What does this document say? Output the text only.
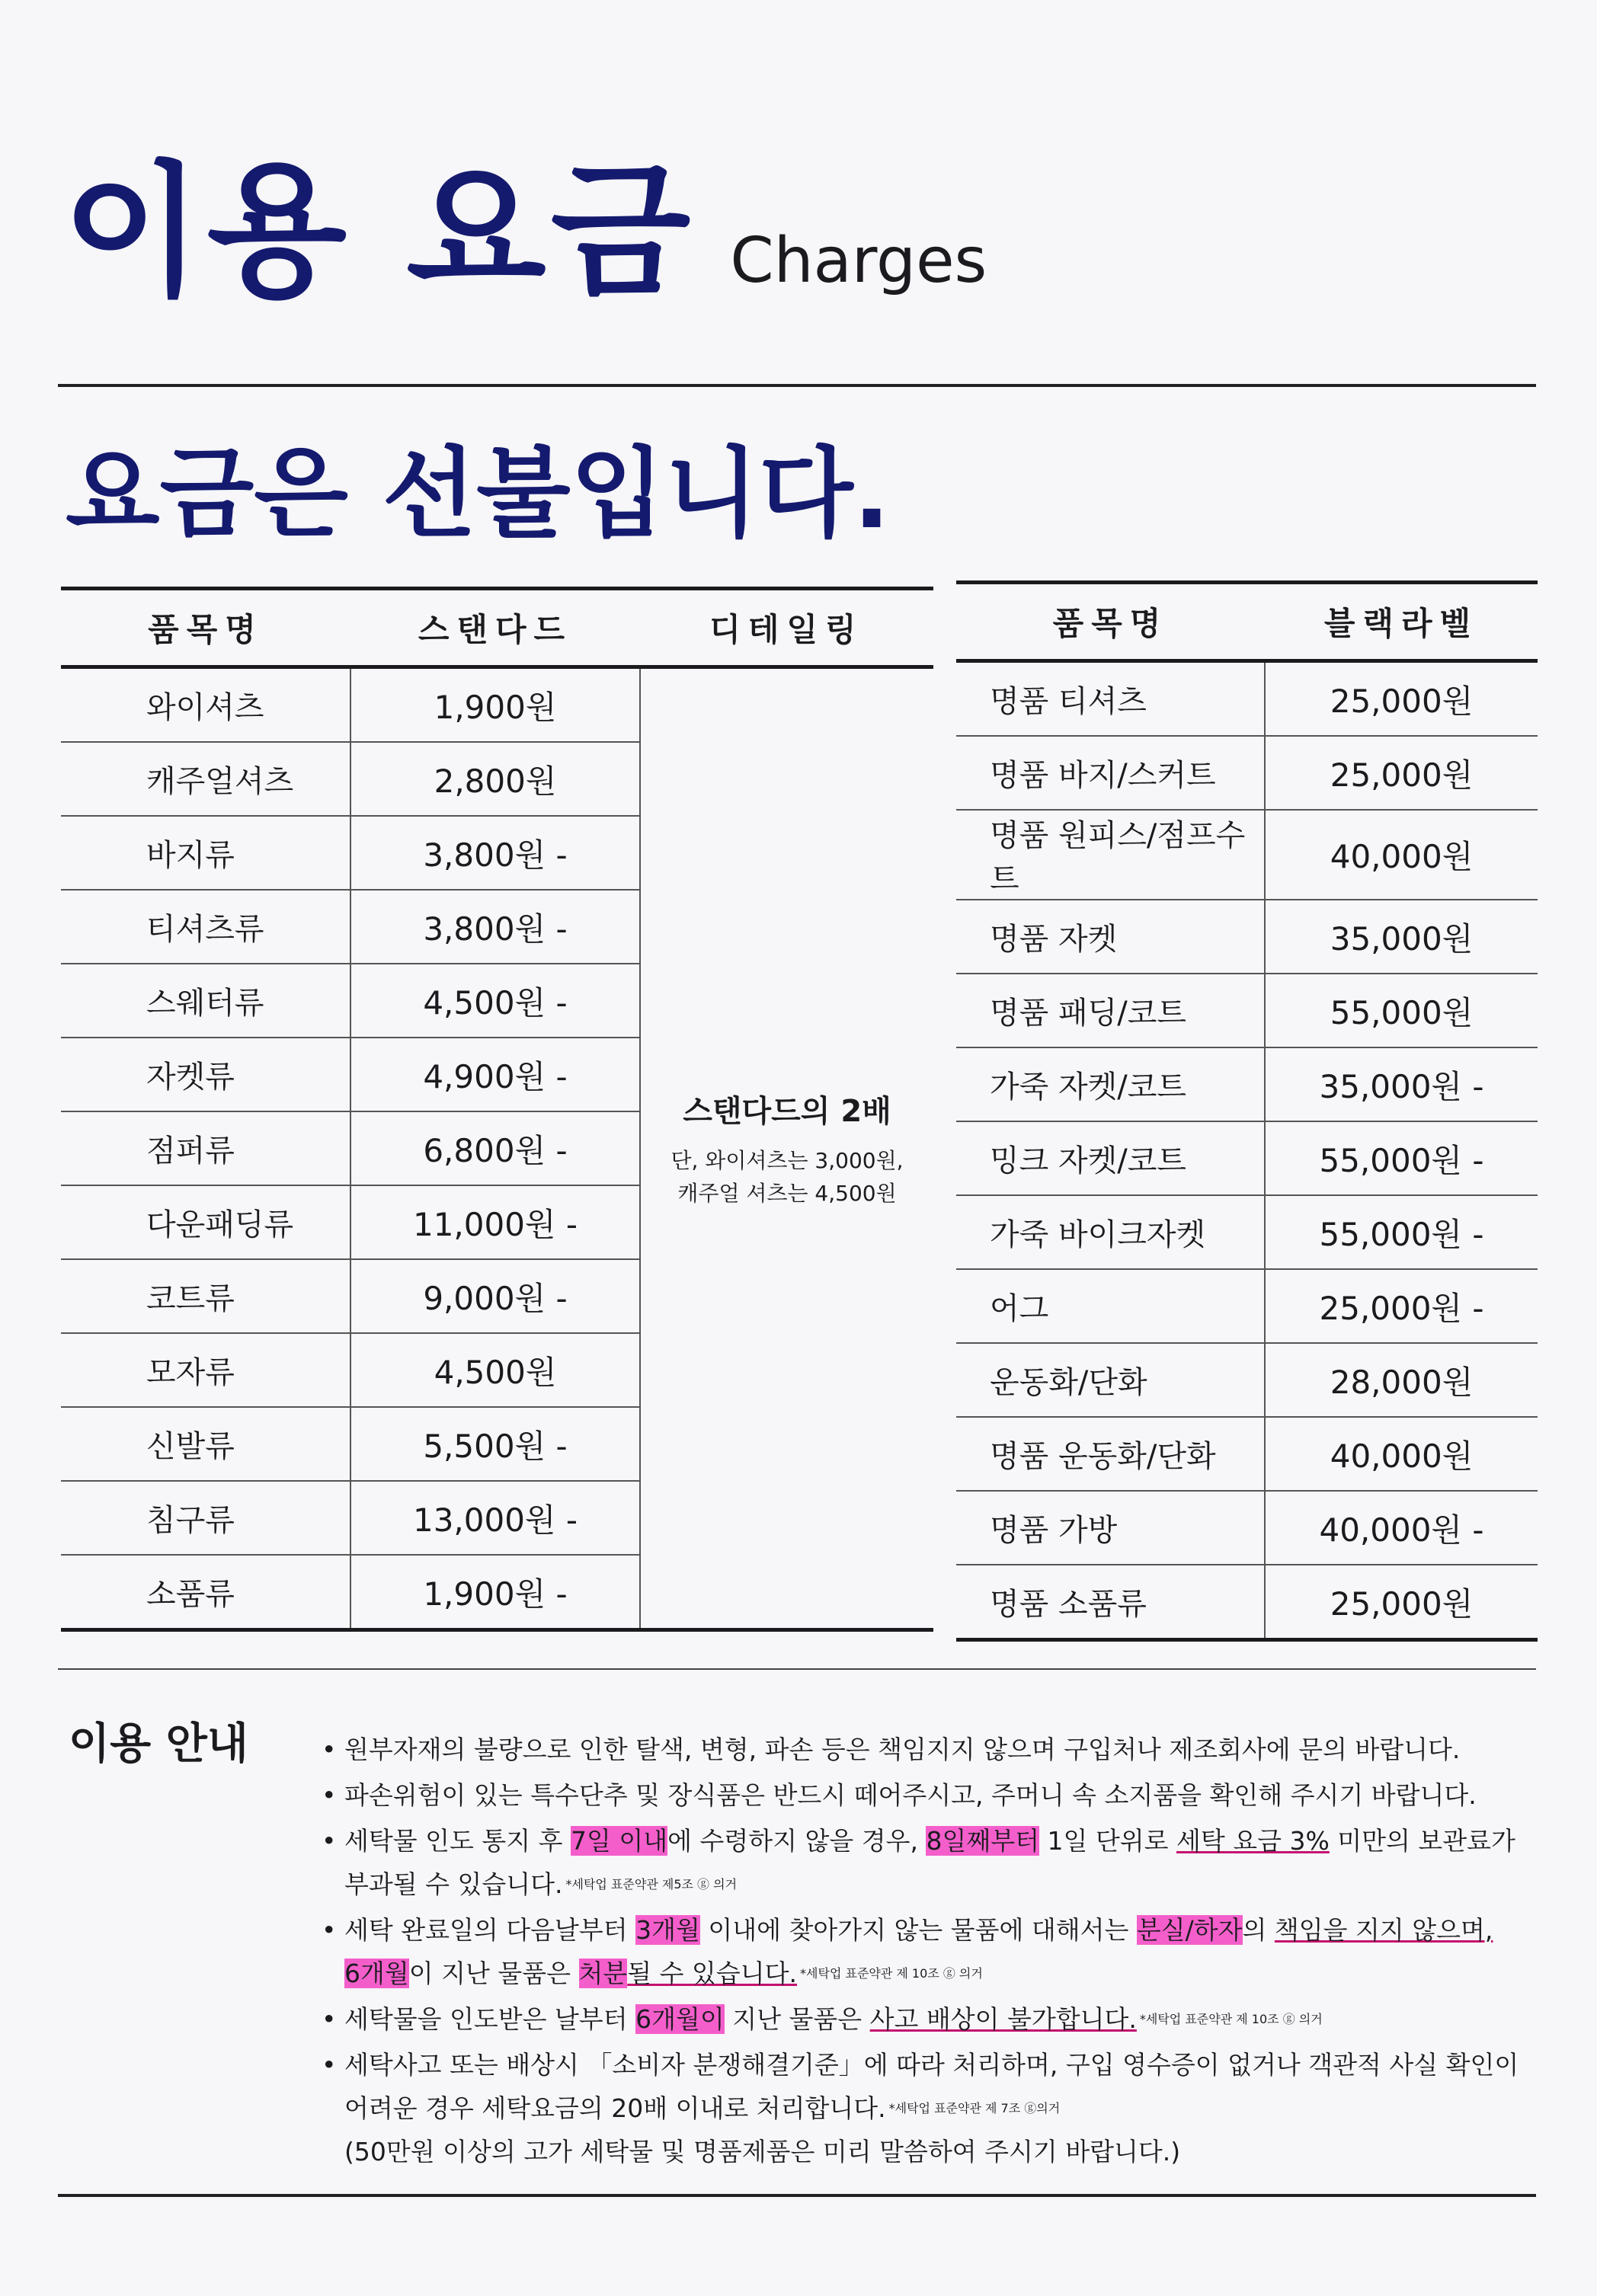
이용 요금 Charges
요금은 선불입니다.
품목명	스탠다드	디테일링
와이셔츠	1,900원	스탠다드의 2배
단, 와이셔츠는 3,000원,
캐주얼 셔츠는 4,500원

캐주얼셔츠	2,800원	
바지류	3,800원 -	
티셔츠류	3,800원 -	
스웨터류	4,500원 -	
자켓류	4,900원 -	
점퍼류	6,800원 -	
다운패딩류	11,000원 -	
코트류	9,000원 -	
모자류	4,500원	
신발류	5,500원 -	
침구류	13,000원 -	
소품류	1,900원 -	
품목명	블랙라벨
명품 티셔츠	25,000원
명품 바지/스커트	25,000원
명품 원피스/점프수트	40,000원
명품 자켓	35,000원
명품 패딩/코트	55,000원
가죽 자켓/코트	35,000원 -
밍크 자켓/코트	55,000원 -
가죽 바이크자켓	55,000원 -
어그	25,000원 -
운동화/단화	28,000원
명품 운동화/단화	40,000원
명품 가방	40,000원 -
명품 소품류	25,000원
이용 안내	• 원부자재의 불량으로 인한 탈색, 변형, 파손 등은 책임지지 않으며 구입처나 제조회사에 문의 바랍니다.
• 파손위험이 있는 특수단추 및 장식품은 반드시 떼어주시고, 주머니 속 소지품을 확인해 주시기 바랍니다.
• 세탁물 인도 통지 후 7일 이내에 수령하지 않을 경우, 8일째부터 1일 단위로 세탁 요금 3% 미만의 보관료가 부과될 수 있습니다. $^{*세탁업 표준약관 제5조 ⓖ 의거}$
• 세탁 완료일의 다음날부터 3개월 이내에 찾아가지 않는 물품에 대해서는 분실/하자의 책임을 지지 않으며,
6개월이 지난 물품은 처분될 수 있습니다. $^{*세탁업 표준약관 제 10조 ⓖ 의거}$
• 세탁물을 인도받은 날부터 6개월이 지난 물품은 사고 배상이 불가합니다. $^{*세탁업 표준약관 제 10조 ⓖ 의거}$
• 세탁사고 또는 배상시 「소비자 분쟁해결기준」에 따라 처리하며, 구입 영수증이 없거나 객관적 사실 확인이 어려운 경우 세탁요금의 20배 이내로 처리합니다. $^{*세탁업 표준약관 제 7조 ⓖ의거}$
(50만원 이상의 고가 세탁물 및 명품제품은 미리 말씀하여 주시기 바랍니다.)
